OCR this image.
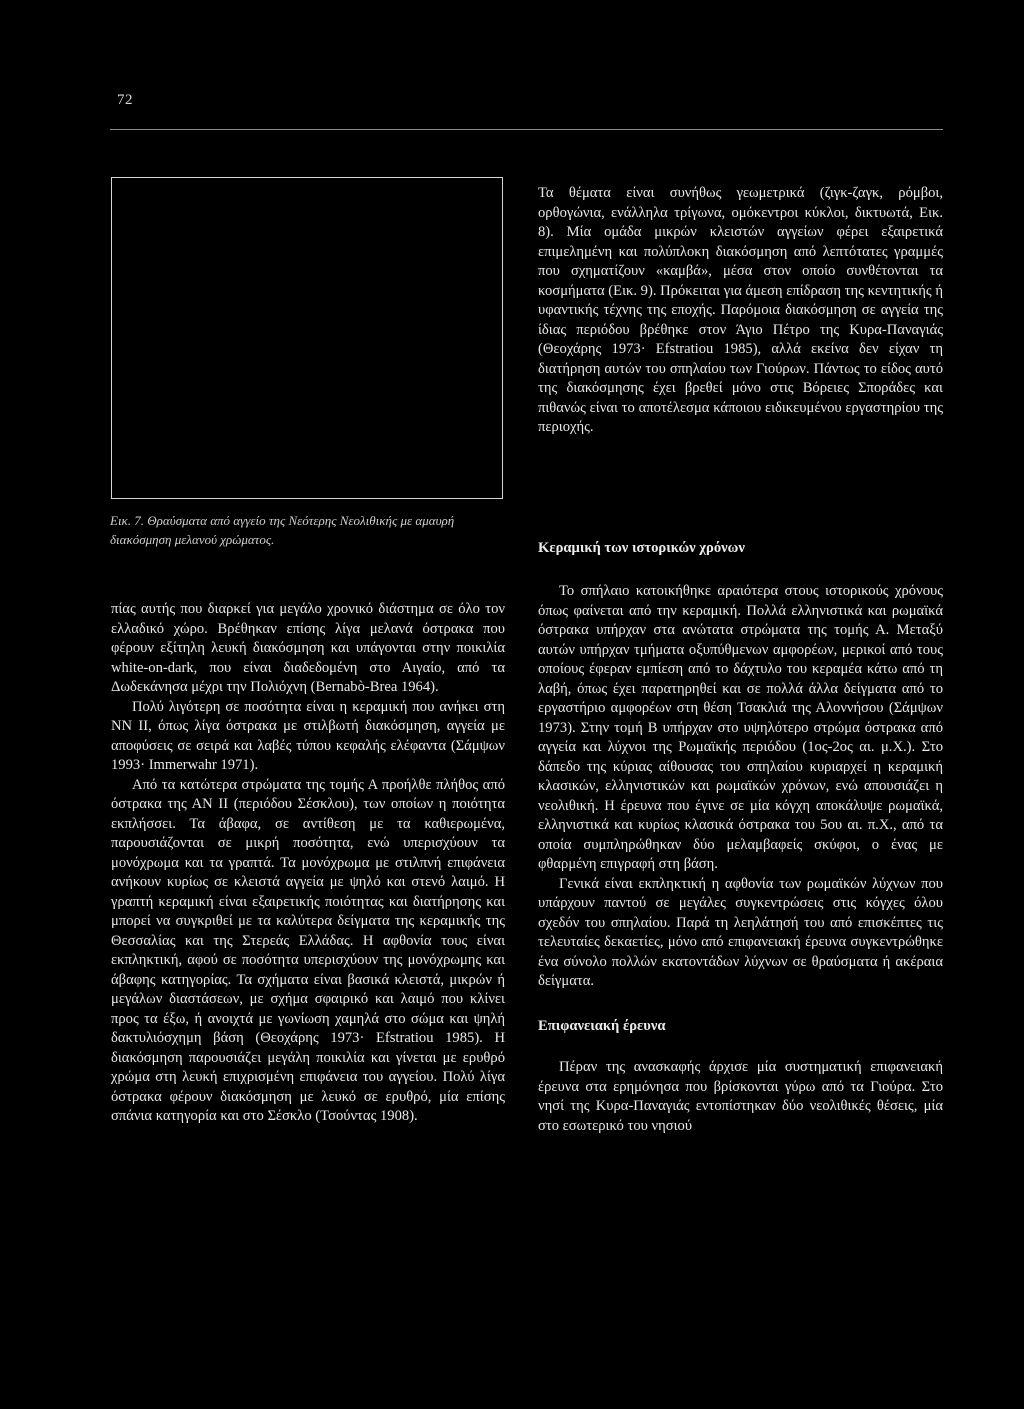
72
Εικ. 7. Θραύσματα από αγγείο της Νεότερης Νεολιθικής με αμαυρή διακόσμηση μελανού χρώματος.

Τα θέματα είναι συνήθως γεωμετρικά (ζιγκ-ζαγκ, ρόμβοι, ορθογώνια, ενάλληλα τρίγωνα, ομόκεντροι κύκλοι, δικτυωτά, Εικ. 8). Μία ομάδα μικρών κλειστών αγγείων φέρει εξαιρετικά επιμελημένη και πολύπλοκη διακόσμηση από λεπτότατες γραμμές που σχηματίζουν «καμβά», μέσα στον οποίο συνθέτονται τα κοσμήματα (Εικ. 9). Πρόκειται για άμεση επίδραση της κεντητικής ή υφαντικής τέχνης της εποχής. Παρόμοια διακόσμηση σε αγγεία της ίδιας περιόδου βρέθηκε στον Άγιο Πέτρο της Κυρα-Παναγιάς (Θεοχάρης 1973· Efstratiou 1985), αλλά εκείνα δεν είχαν τη διατήρηση αυτών του σπηλαίου των Γιούρων. Πάντως το είδος αυτό της διακόσμησης έχει βρεθεί μόνο στις Βόρειες Σποράδες και πιθανώς είναι το αποτέλεσμα κάποιου ειδικευμένου εργαστηρίου της περιοχής.

Κεραμική των ιστορικών χρόνων

πίας αυτής που διαρκεί για μεγάλο χρονικό διάστημα σε όλο τον ελλαδικό χώρο. Βρέθηκαν επίσης λίγα μελανά όστρακα που φέρουν εξίτηλη λευκή διακόσμηση και υπάγονται στην ποικιλία white-on-dark, που είναι διαδεδομένη στο Αιγαίο, από τα Δωδεκάνησα μέχρι την Πολιόχνη (Bernabò-Brea 1964).

Πολύ λιγότερη σε ποσότητα είναι η κεραμική που ανήκει στη ΝΝ ΙΙ, όπως λίγα όστρακα με στιλβωτή διακόσμηση, αγγεία με αποφύσεις σε σειρά και λαβές τύπου κεφαλής ελέφαντα (Σάμψων 1993· Immerwahr 1971).

Από τα κατώτερα στρώματα της τομής Α προήλθε πλήθος από όστρακα της ΑΝ ΙΙ (περιόδου Σέσκλου), των οποίων η ποιότητα εκπλήσσει. Τα άβαφα, σε αντίθεση με τα καθιερωμένα, παρουσιάζονται σε μικρή ποσότητα, ενώ υπερισχύουν τα μονόχρωμα και τα γραπτά. Τα μονόχρωμα με στιλπνή επιφάνεια ανήκουν κυρίως σε κλειστά αγγεία με ψηλό και στενό λαιμό. Η γραπτή κεραμική είναι εξαιρετικής ποιότητας και διατήρησης και μπορεί να συγκριθεί με τα καλύτερα δείγματα της κεραμικής της Θεσσαλίας και της Στερεάς Ελλάδας. Η αφθονία τους είναι εκπληκτική, αφού σε ποσότητα υπερισχύουν της μονόχρωμης και άβαφης κατηγορίας. Τα σχήματα είναι βασικά κλειστά, μικρών ή μεγάλων διαστάσεων, με σχήμα σφαιρικό και λαιμό που κλίνει προς τα έξω, ή ανοιχτά με γωνίωση χαμηλά στο σώμα και ψηλή δακτυλιόσχημη βάση (Θεοχάρης 1973· Efstratiou 1985). Η διακόσμηση παρουσιάζει μεγάλη ποικιλία και γίνεται με ερυθρό χρώμα στη λευκή επιχρισμένη επιφάνεια του αγγείου. Πολύ λίγα όστρακα φέρουν διακόσμηση με λευκό σε ερυθρό, μία επίσης σπάνια κατηγορία και στο Σέσκλο (Τσούντας 1908).

Το σπήλαιο κατοικήθηκε αραιότερα στους ιστορικούς χρόνους όπως φαίνεται από την κεραμική. Πολλά ελληνιστικά και ρωμαϊκά όστρακα υπήρχαν στα ανώτατα στρώματα της τομής Α. Μεταξύ αυτών υπήρχαν τμήματα οξυπύθμενων αμφορέων, μερικοί από τους οποίους έφεραν εμπίεση από το δάχτυλο του κεραμέα κάτω από τη λαβή, όπως έχει παρατηρηθεί και σε πολλά άλλα δείγματα από το εργαστήριο αμφορέων στη θέση Τσακλιά της Αλοννήσου (Σάμψων 1973). Στην τομή Β υπήρχαν στο υψηλότερο στρώμα όστρακα από αγγεία και λύχνοι της Ρωμαϊκής περιόδου (1ος-2ος αι. μ.Χ.). Στο δάπεδο της κύριας αίθουσας του σπηλαίου κυριαρχεί η κεραμική κλασικών, ελληνιστικών και ρωμαϊκών χρόνων, ενώ απουσιάζει η νεολιθική. Η έρευνα που έγινε σε μία κόγχη αποκάλυψε ρωμαϊκά, ελληνιστικά και κυρίως κλασικά όστρακα του 5ου αι. π.Χ., από τα οποία συμπληρώθηκαν δύο μελαμβαφείς σκύφοι, ο ένας με φθαρμένη επιγραφή στη βάση.

Γενικά είναι εκπληκτική η αφθονία των ρωμαϊκών λύχνων που υπάρχουν παντού σε μεγάλες συγκεντρώσεις στις κόγχες όλου σχεδόν του σπηλαίου. Παρά τη λεηλάτησή του από επισκέπτες τις τελευταίες δεκαετίες, μόνο από επιφανειακή έρευνα συγκεντρώθηκε ένα σύνολο πολλών εκατοντάδων λύχνων σε θραύσματα ή ακέραια δείγματα.

Επιφανειακή έρευνα

Πέραν της ανασκαφής άρχισε μία συστηματική επιφανειακή έρευνα στα ερημόνησα που βρίσκονται γύρω από τα Γιούρα. Στο νησί της Κυρα-Παναγιάς εντοπίστηκαν δύο νεολιθικές θέσεις, μία στο εσωτερικό του νησιού
